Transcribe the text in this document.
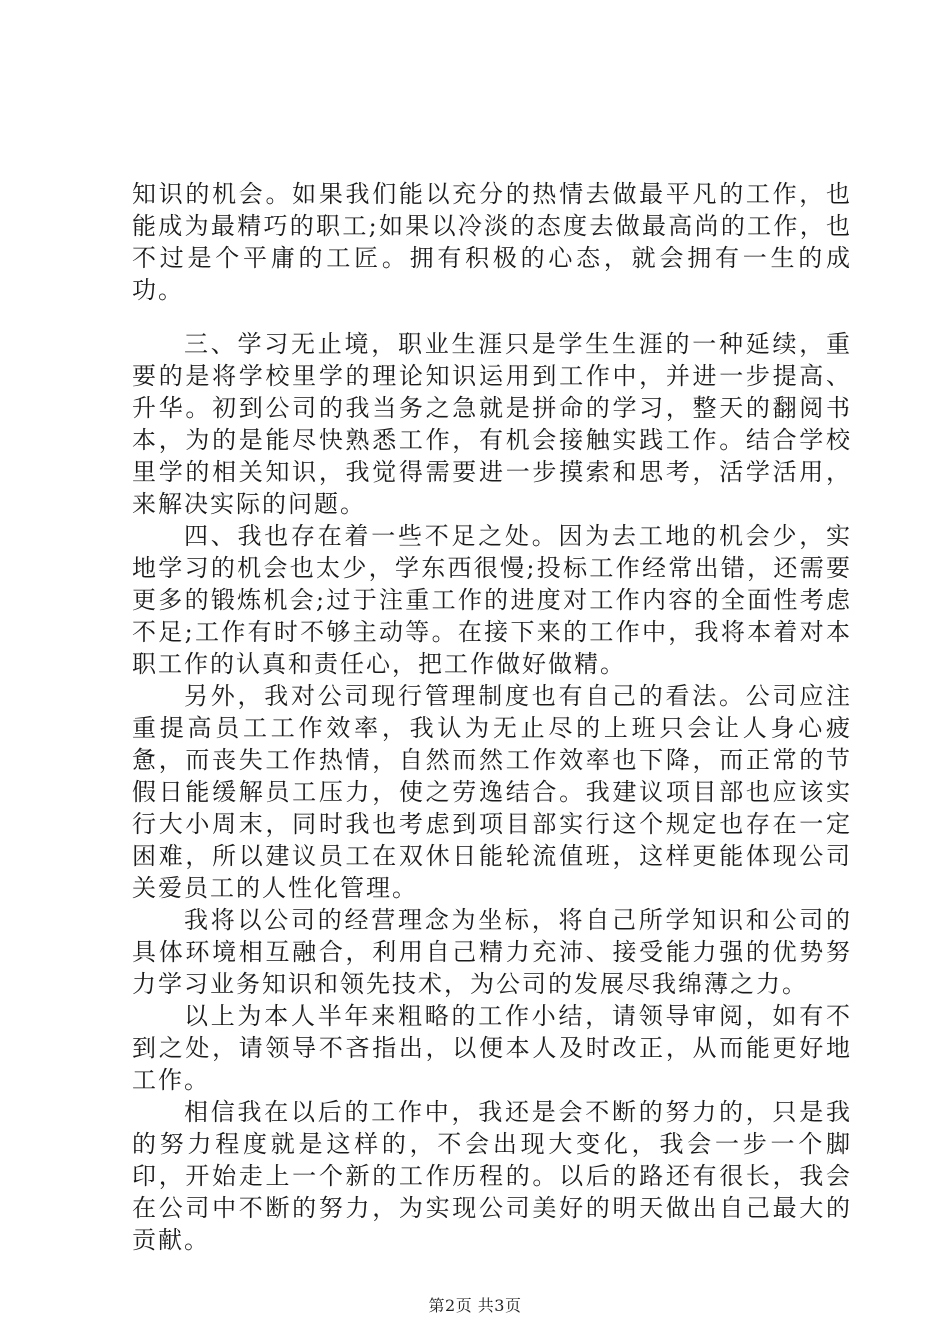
知识的机会。如果我们能以充分的热情去做最平凡的工作，也能成为最精巧的职工;如果以冷淡的态度去做最高尚的工作，也不过是个平庸的工匠。拥有积极的心态，就会拥有一生的成功。

三、学习无止境，职业生涯只是学生生涯的一种延续，重要的是将学校里学的理论知识运用到工作中，并进一步提高、升华。初到公司的我当务之急就是拼命的学习，整天的翻阅书本，为的是能尽快熟悉工作，有机会接触实践工作。结合学校里学的相关知识，我觉得需要进一步摸索和思考，活学活用，来解决实际的问题。

四、我也存在着一些不足之处。因为去工地的机会少，实地学习的机会也太少，学东西很慢;投标工作经常出错，还需要更多的锻炼机会;过于注重工作的进度对工作内容的全面性考虑不足;工作有时不够主动等。在接下来的工作中，我将本着对本职工作的认真和责任心，把工作做好做精。

另外，我对公司现行管理制度也有自己的看法。公司应注重提高员工工作效率，我认为无止尽的上班只会让人身心疲惫，而丧失工作热情，自然而然工作效率也下降，而正常的节假日能缓解员工压力，使之劳逸结合。我建议项目部也应该实行大小周末，同时我也考虑到项目部实行这个规定也存在一定困难，所以建议员工在双休日能轮流值班，这样更能体现公司关爱员工的人性化管理。

我将以公司的经营理念为坐标，将自己所学知识和公司的具体环境相互融合，利用自己精力充沛、接受能力强的优势努力学习业务知识和领先技术，为公司的发展尽我绵薄之力。

以上为本人半年来粗略的工作小结，请领导审阅，如有不到之处，请领导不吝指出，以便本人及时改正，从而能更好地工作。

相信我在以后的工作中，我还是会不断的努力的，只是我的努力程度就是这样的，不会出现大变化，我会一步一个脚印，开始走上一个新的工作历程的。以后的路还有很长，我会在公司中不断的努力，为实现公司美好的明天做出自己最大的贡献。

第2页 共3页
